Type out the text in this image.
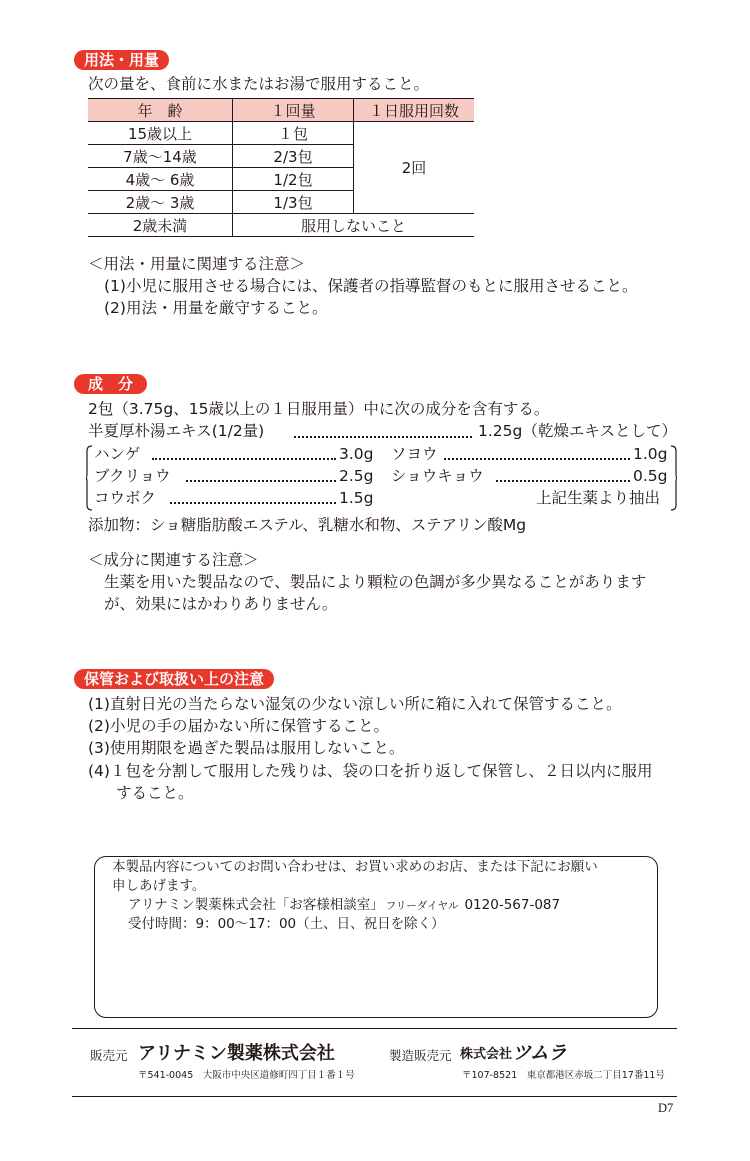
用法・用量
次の量を、食前に水またはお湯で服用すること。
年　齢	１回量	１日服用回数
15歳以上	１包	2回
7歳～14歳	2/3包	
4歳～ 6歳	1/2包	
2歳～ 3歳	1/3包	
2歳未満	服用しないこと	
＜用法・用量に関連する注意＞
(1)小児に服用させる場合には、保護者の指導監督のもとに服用させること。
(2)用法・用量を厳守すること。
成　分
2包（3.75g、15歳以上の１日服用量）中に次の成分を含有する。
半夏厚朴湯エキス(1/2量)	1.25g（乾燥エキスとして）
ハンゲ	3.0g ソヨウ	1.0g
ブクリョウ	2.5g ショウキョウ	0.5g
コウボク	1.5g	上記生薬より抽出
添加物：ショ糖脂肪酸エステル、乳糖水和物、ステアリン酸Mg
＜成分に関連する注意＞
生薬を用いた製品なので、製品により顆粒の色調が多少異なることがあります
が、効果にはかわりありません。
保管および取扱い上の注意
(1)直射日光の当たらない湿気の少ない涼しい所に箱に入れて保管すること。
(2)小児の手の届かない所に保管すること。
(3)使用期限を過ぎた製品は服用しないこと。
(4)１包を分割して服用した残りは、袋の口を折り返して保管し、２日以内に服用
すること。
本製品内容についてのお問い合わせは、お買い求めのお店、または下記にお願い
申しあげます。
アリナミン製薬株式会社「お客様相談室」 フリーダイヤル 0120-567-087
受付時間：9：00～17：00（土、日、祝日を除く）
販売元 アリナミン製薬株式会社
〒541-0045　大阪市中央区道修町四丁目１番１号
製造販売元 株式会社 ツムラ
〒107-8521　東京都港区赤坂二丁目17番11号
D7
